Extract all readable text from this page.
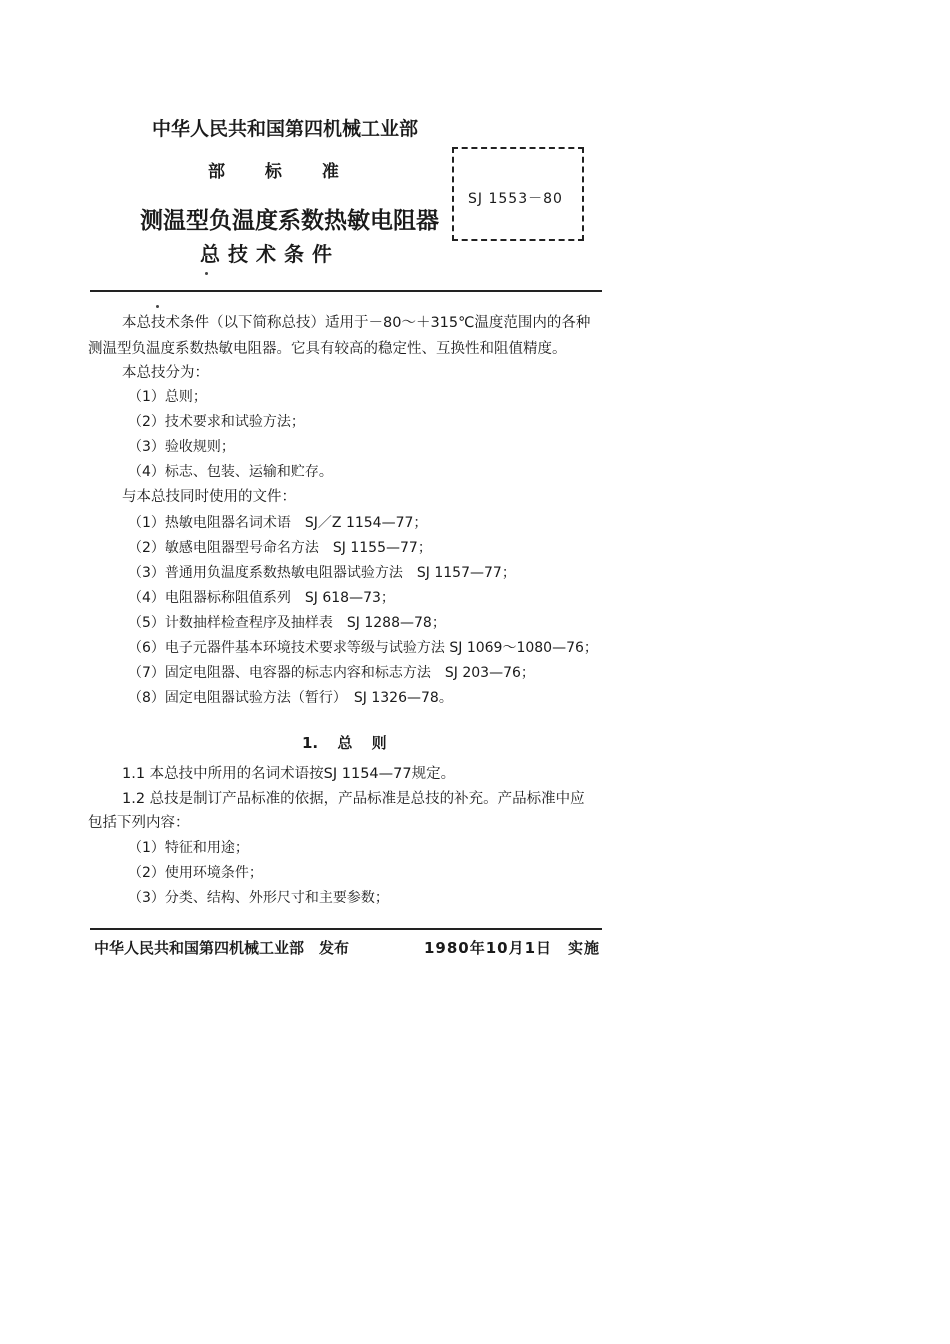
中华人民共和国第四机械工业部
部 标 准
测温型负温度系数热敏电阻器
总技术条件
SJ 1553－80
本总技术条件（以下简称总技）适用于－80～＋315℃温度范围内的各种
测温型负温度系数热敏电阻器。它具有较高的稳定性、互换性和阻值精度。
本总技分为：
（1）总则；
（2）技术要求和试验方法；
（3）验收规则；
（4）标志、包装、运输和贮存。
与本总技同时使用的文件：
（1）热敏电阻器名词术语　SJ／Z 1154—77；
（2）敏感电阻器型号命名方法　SJ 1155—77；
（3）普通用负温度系数热敏电阻器试验方法　SJ 1157—77；
（4）电阻器标称阻值系列　SJ 618—73；
（5）计数抽样检查程序及抽样表　SJ 1288—78；
（6）电子元器件基本环境技术要求等级与试验方法 SJ 1069～1080—76；
（7）固定电阻器、电容器的标志内容和标志方法　SJ 203—76；
（8）固定电阻器试验方法（暂行）　SJ 1326—78。
1. 总 则
1.1 本总技中所用的名词术语按SJ 1154—77规定。
1.2 总技是制订产品标准的依据，产品标准是总技的补充。产品标准中应
包括下列内容：
（1）特征和用途；
（2）使用环境条件；
（3）分类、结构、外形尺寸和主要参数；
中华人民共和国第四机械工业部　发布	1980年10月1日　实施
